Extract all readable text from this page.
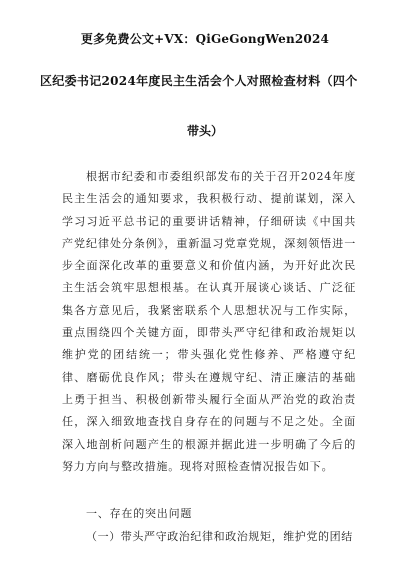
更多免费公文+VX：QiGeGongWen2024
区纪委书记2024年度民主生活会个人对照检查材料（四个
带头）

根据市纪委和市委组织部发布的关于召开2024年度民主生活会的通知要求，我积极行动、提前谋划，深入学习习近平总书记的重要讲话精神，仔细研读《中国共产党纪律处分条例》，重新温习党章党规，深刻领悟进一步全面深化改革的重要意义和价值内涵，为开好此次民主生活会筑牢思想根基。在认真开展谈心谈话、广泛征集各方意见后，我紧密联系个人思想状况与工作实际，重点围绕四个关键方面，即带头严守纪律和政治规矩以维护党的团结统一；带头强化党性修养、严格遵守纪律、磨砺优良作风；带头在遵规守纪、清正廉洁的基础上勇于担当、积极创新带头履行全面从严治党的政治责任，深入细致地查找自身存在的问题与不足之处。全面深入地剖析问题产生的根源并据此进一步明确了今后的努力方向与整改措施。现将对照检查情况报告如下。

一、存在的突出问题
（一）带头严守政治纪律和政治规矩，维护党的团结
